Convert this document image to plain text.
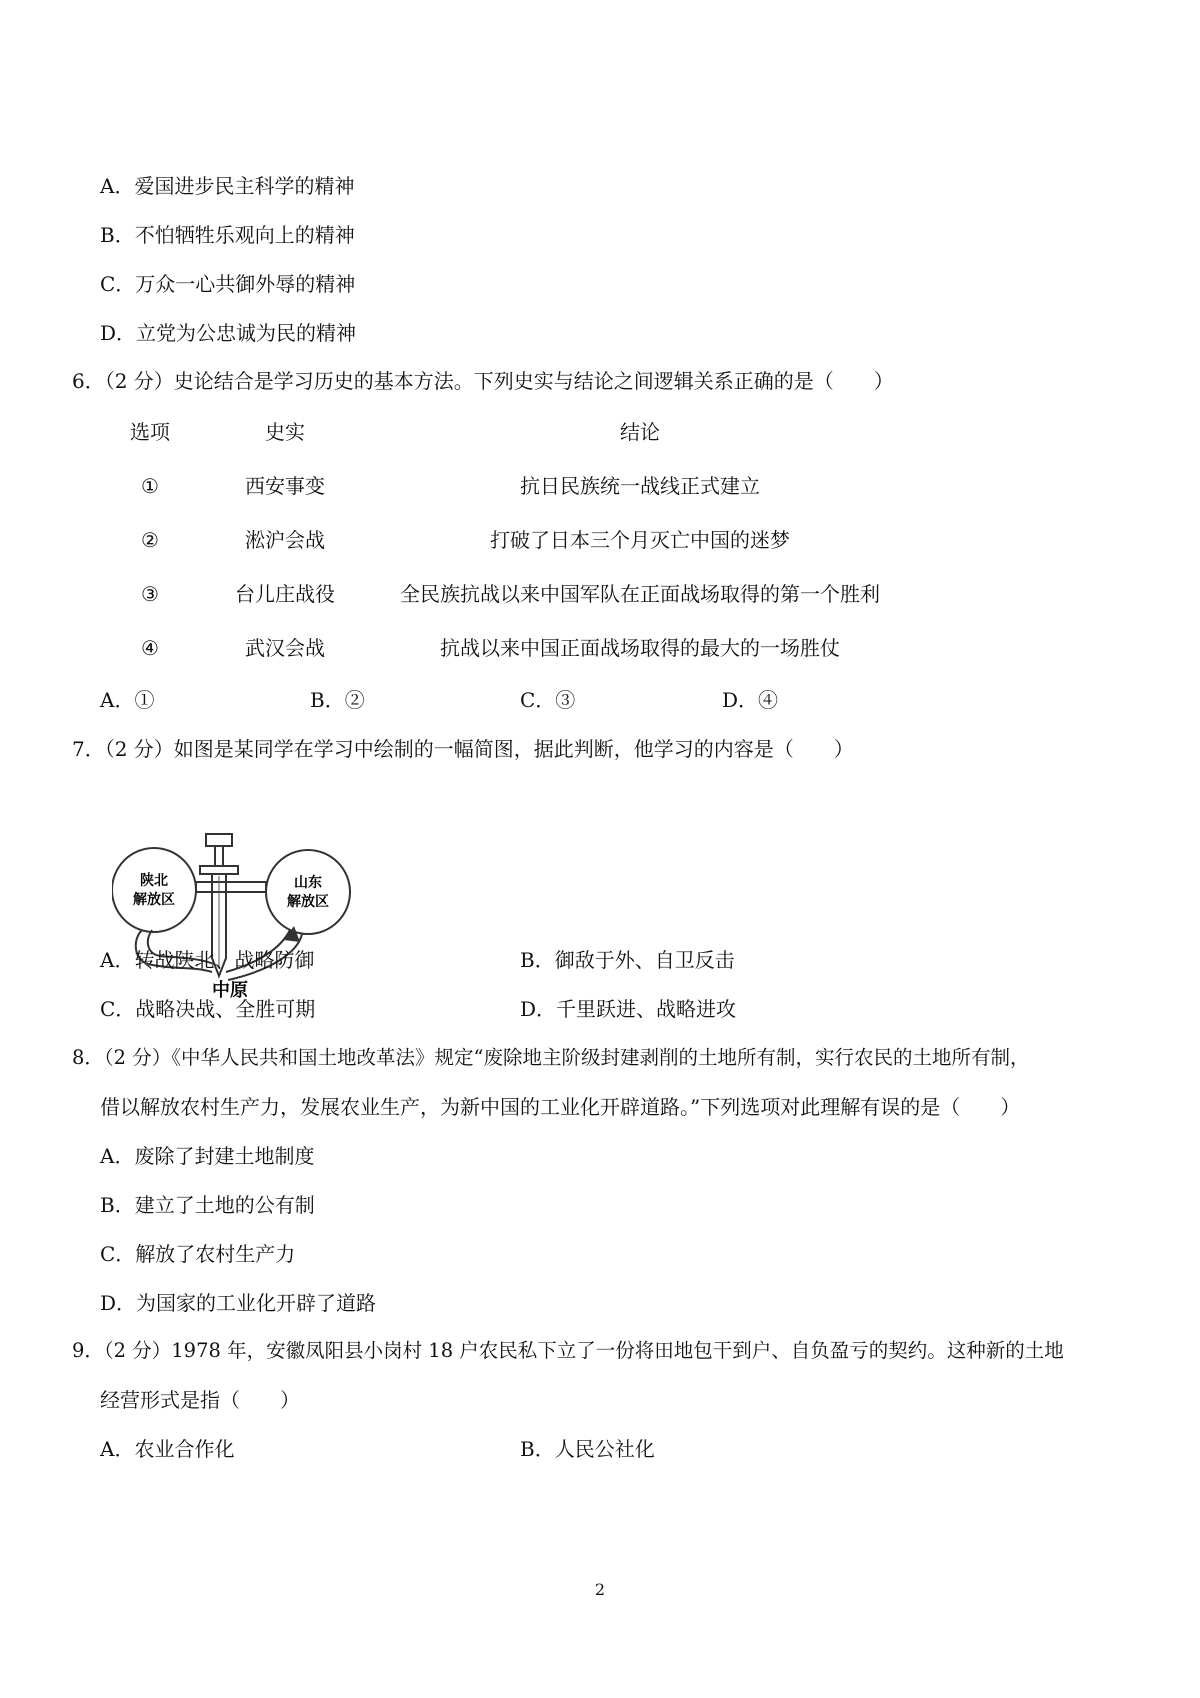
A．爱国进步民主科学的精神
B．不怕牺牲乐观向上的精神
C．万众一心共御外辱的精神
D．立党为公忠诚为民的精神
6．（2 分）史论结合是学习历史的基本方法。下列史实与结论之间逻辑关系正确的是（　　）
选项	史实	结论
①	西安事变	抗日民族统一战线正式建立
②	淞沪会战	打破了日本三个月灭亡中国的迷梦
③	台儿庄战役	全民族抗战以来中国军队在正面战场取得的第一个胜利
④	武汉会战	抗战以来中国正面战场取得的最大的一场胜仗
A．①	B．②	C．③	D．④
7．（2 分）如图是某同学在学习中绘制的一幅简图，据此判断，他学习的内容是（　　）
陕北
解放区
山东
解放区
中原
A．转战陕北、战略防御	B．御敌于外、自卫反击
C．战略决战、全胜可期	D．千里跃进、战略进攻
8．（2 分）《中华人民共和国土地改革法》规定“废除地主阶级封建剥削的土地所有制，实行农民的土地所有制，
借以解放农村生产力，发展农业生产，为新中国的工业化开辟道路。”下列选项对此理解有误的是（　　）
A．废除了封建土地制度
B．建立了土地的公有制
C．解放了农村生产力
D．为国家的工业化开辟了道路
9．（2 分）1978 年，安徽凤阳县小岗村 18 户农民私下立了一份将田地包干到户、自负盈亏的契约。这种新的土地
经营形式是指（　　）
A．农业合作化	B．人民公社化
2
